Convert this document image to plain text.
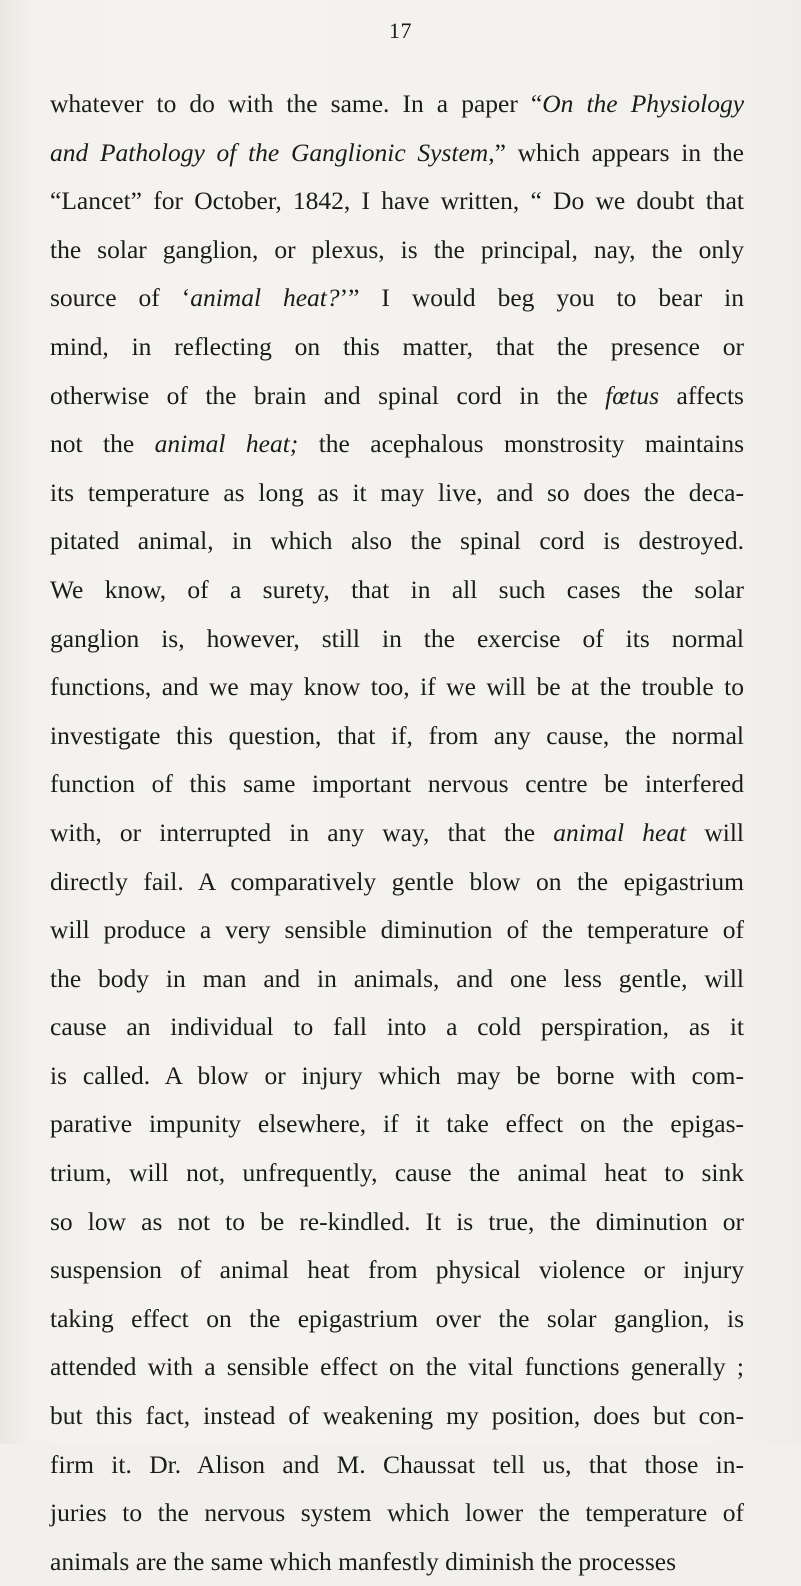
17
whatever to do with the same. In a paper “On the Physiology
and Pathology of the Ganglionic System,” which appears in the
“Lancet” for October, 1842, I have written, “ Do we doubt that
the solar ganglion, or plexus, is the principal, nay, the only
source of ‘animal heat?’” I would beg you to bear in
mind, in reflecting on this matter, that the presence or
otherwise of the brain and spinal cord in the fœtus affects
not the animal heat; the acephalous monstrosity maintains
its temperature as long as it may live, and so does the deca-
pitated animal, in which also the spinal cord is destroyed.
We know, of a surety, that in all such cases the solar
ganglion is, however, still in the exercise of its normal
functions, and we may know too, if we will be at the trouble to
investigate this question, that if, from any cause, the normal
function of this same important nervous centre be interfered
with, or interrupted in any way, that the animal heat will
directly fail. A comparatively gentle blow on the epigastrium
will produce a very sensible diminution of the temperature of
the body in man and in animals, and one less gentle, will
cause an individual to fall into a cold perspiration, as it
is called. A blow or injury which may be borne with com-
parative impunity elsewhere, if it take effect on the epigas-
trium, will not, unfrequently, cause the animal heat to sink
so low as not to be re-kindled. It is true, the diminution or
suspension of animal heat from physical violence or injury
taking effect on the epigastrium over the solar ganglion, is
attended with a sensible effect on the vital functions generally ;
but this fact, instead of weakening my position, does but con-
firm it. Dr. Alison and M. Chaussat tell us, that those in-
juries to the nervous system which lower the temperature of
animals are the same which manfestly diminish the processes
